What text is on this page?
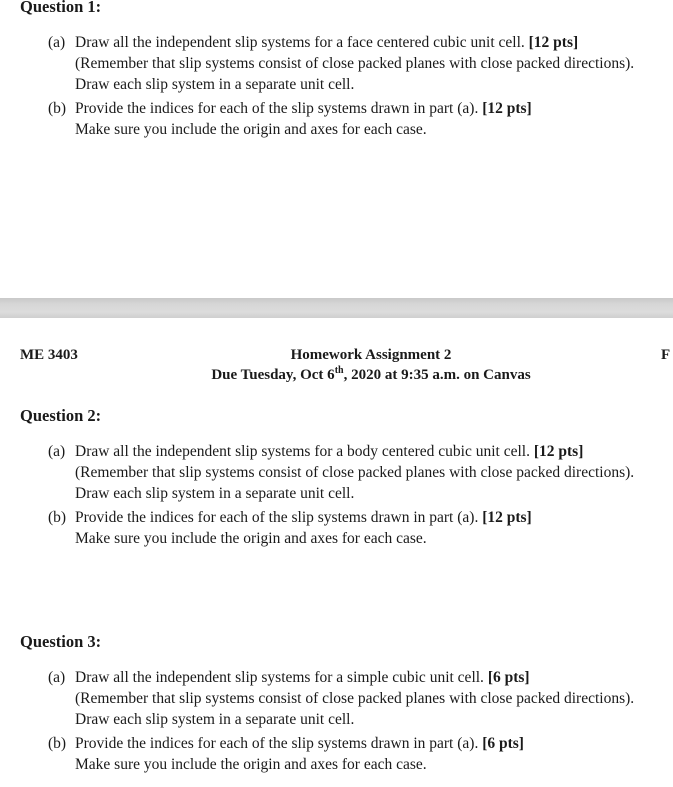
Question 1:
(a) Draw all the independent slip systems for a face centered cubic unit cell. [12 pts]
(Remember that slip systems consist of close packed planes with close packed directions).
Draw each slip system in a separate unit cell.
(b) Provide the indices for each of the slip systems drawn in part (a). [12 pts]
Make sure you include the origin and axes for each case.
ME 3403	Homework Assignment 2
Due Tuesday, Oct 6th, 2020 at 9:35 a.m. on Canvas
F
Question 2:
(a) Draw all the independent slip systems for a body centered cubic unit cell. [12 pts]
(Remember that slip systems consist of close packed planes with close packed directions).
Draw each slip system in a separate unit cell.
(b) Provide the indices for each of the slip systems drawn in part (a). [12 pts]
Make sure you include the origin and axes for each case.
Question 3:
(a) Draw all the independent slip systems for a simple cubic unit cell. [6 pts]
(Remember that slip systems consist of close packed planes with close packed directions).
Draw each slip system in a separate unit cell.
(b) Provide the indices for each of the slip systems drawn in part (a). [6 pts]
Make sure you include the origin and axes for each case.
